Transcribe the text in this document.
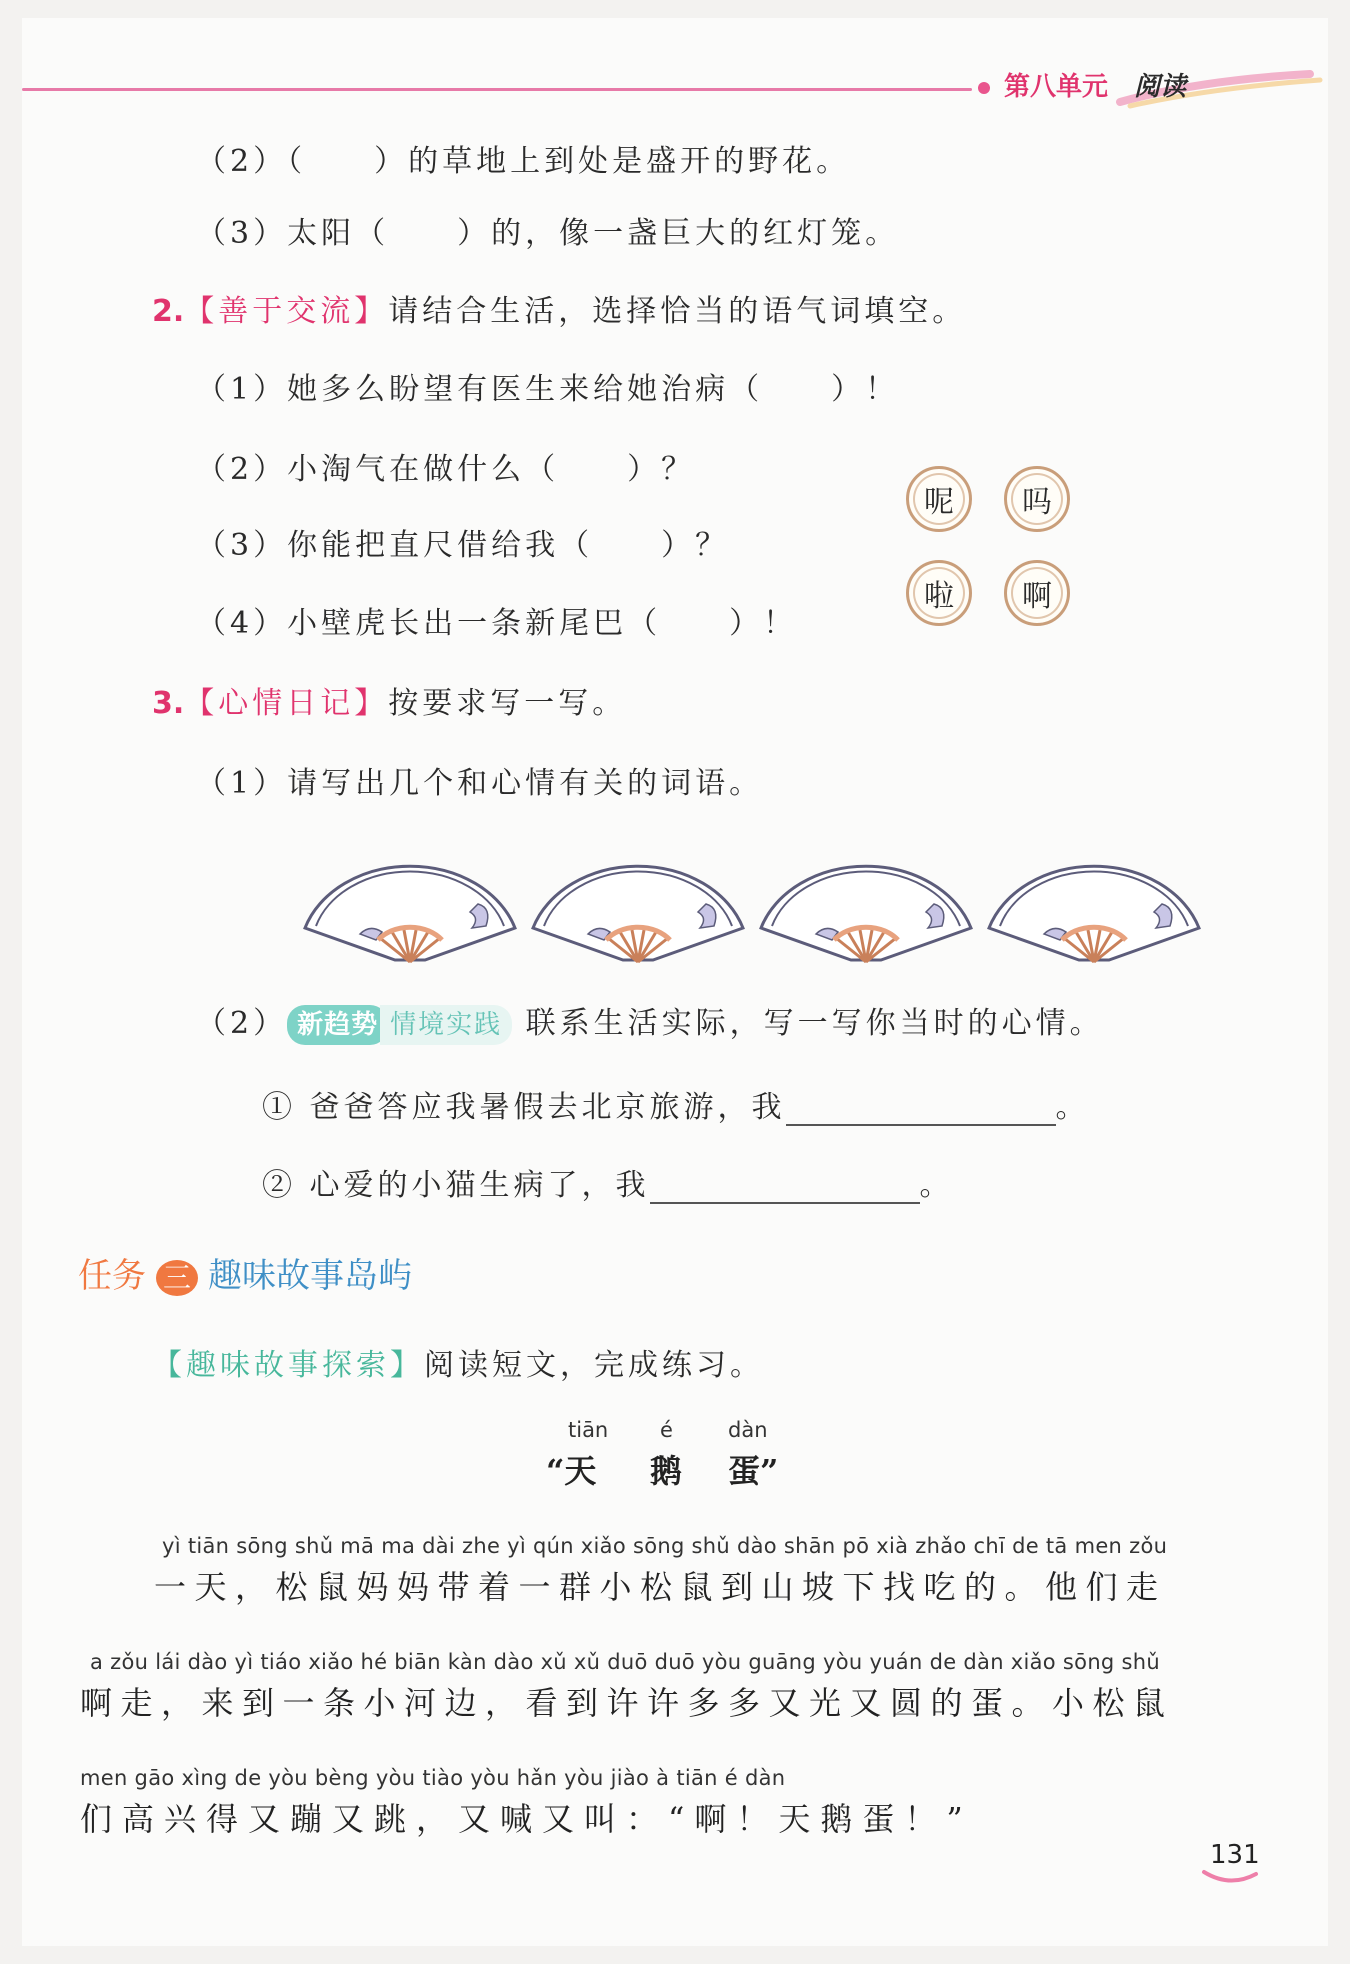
第八单元 阅读
（2）（　　）的草地上到处是盛开的野花。
（3）太阳（　　）的，像一盏巨大的红灯笼。
2.【善于交流】请结合生活，选择恰当的语气词填空。
（1）她多么盼望有医生来给她治病（　　）！
（2）小淘气在做什么（　　）？
（3）你能把直尺借给我（　　）？
（4）小壁虎长出一条新尾巴（　　）！
呢	吗
啦	啊
3.【心情日记】按要求写一写。
（1）请写出几个和心情有关的词语。
（2） 新趋势 情境实践 联系生活实际，写一写你当时的心情。
① 爸爸答应我暑假去北京旅游，我	。
② 心爱的小猫生病了，我	。
任务 三 趣味故事岛屿
【趣味故事探索】阅读短文，完成练习。
tiān é	dàn
“天 鹅 蛋”
yì tiān sōng shǔ mā ma dài zhe yì qún xiǎo sōng shǔ dào shān pō xià zhǎo chī de tā men zǒu
一天，松鼠妈妈带着一群小松鼠到山坡下找吃的。他们走
a zǒu lái dào yì tiáo xiǎo hé biān kàn dào xǔ xǔ duō duō yòu guāng yòu yuán de dàn xiǎo sōng shǔ
啊走，来到一条小河边，看到许许多多又光又圆的蛋。小松鼠
men gāo xìng de yòu bèng yòu tiào yòu hǎn yòu jiào à tiān é dàn
们高兴得又蹦又跳，又喊又叫：“啊！天鹅蛋！”
131
